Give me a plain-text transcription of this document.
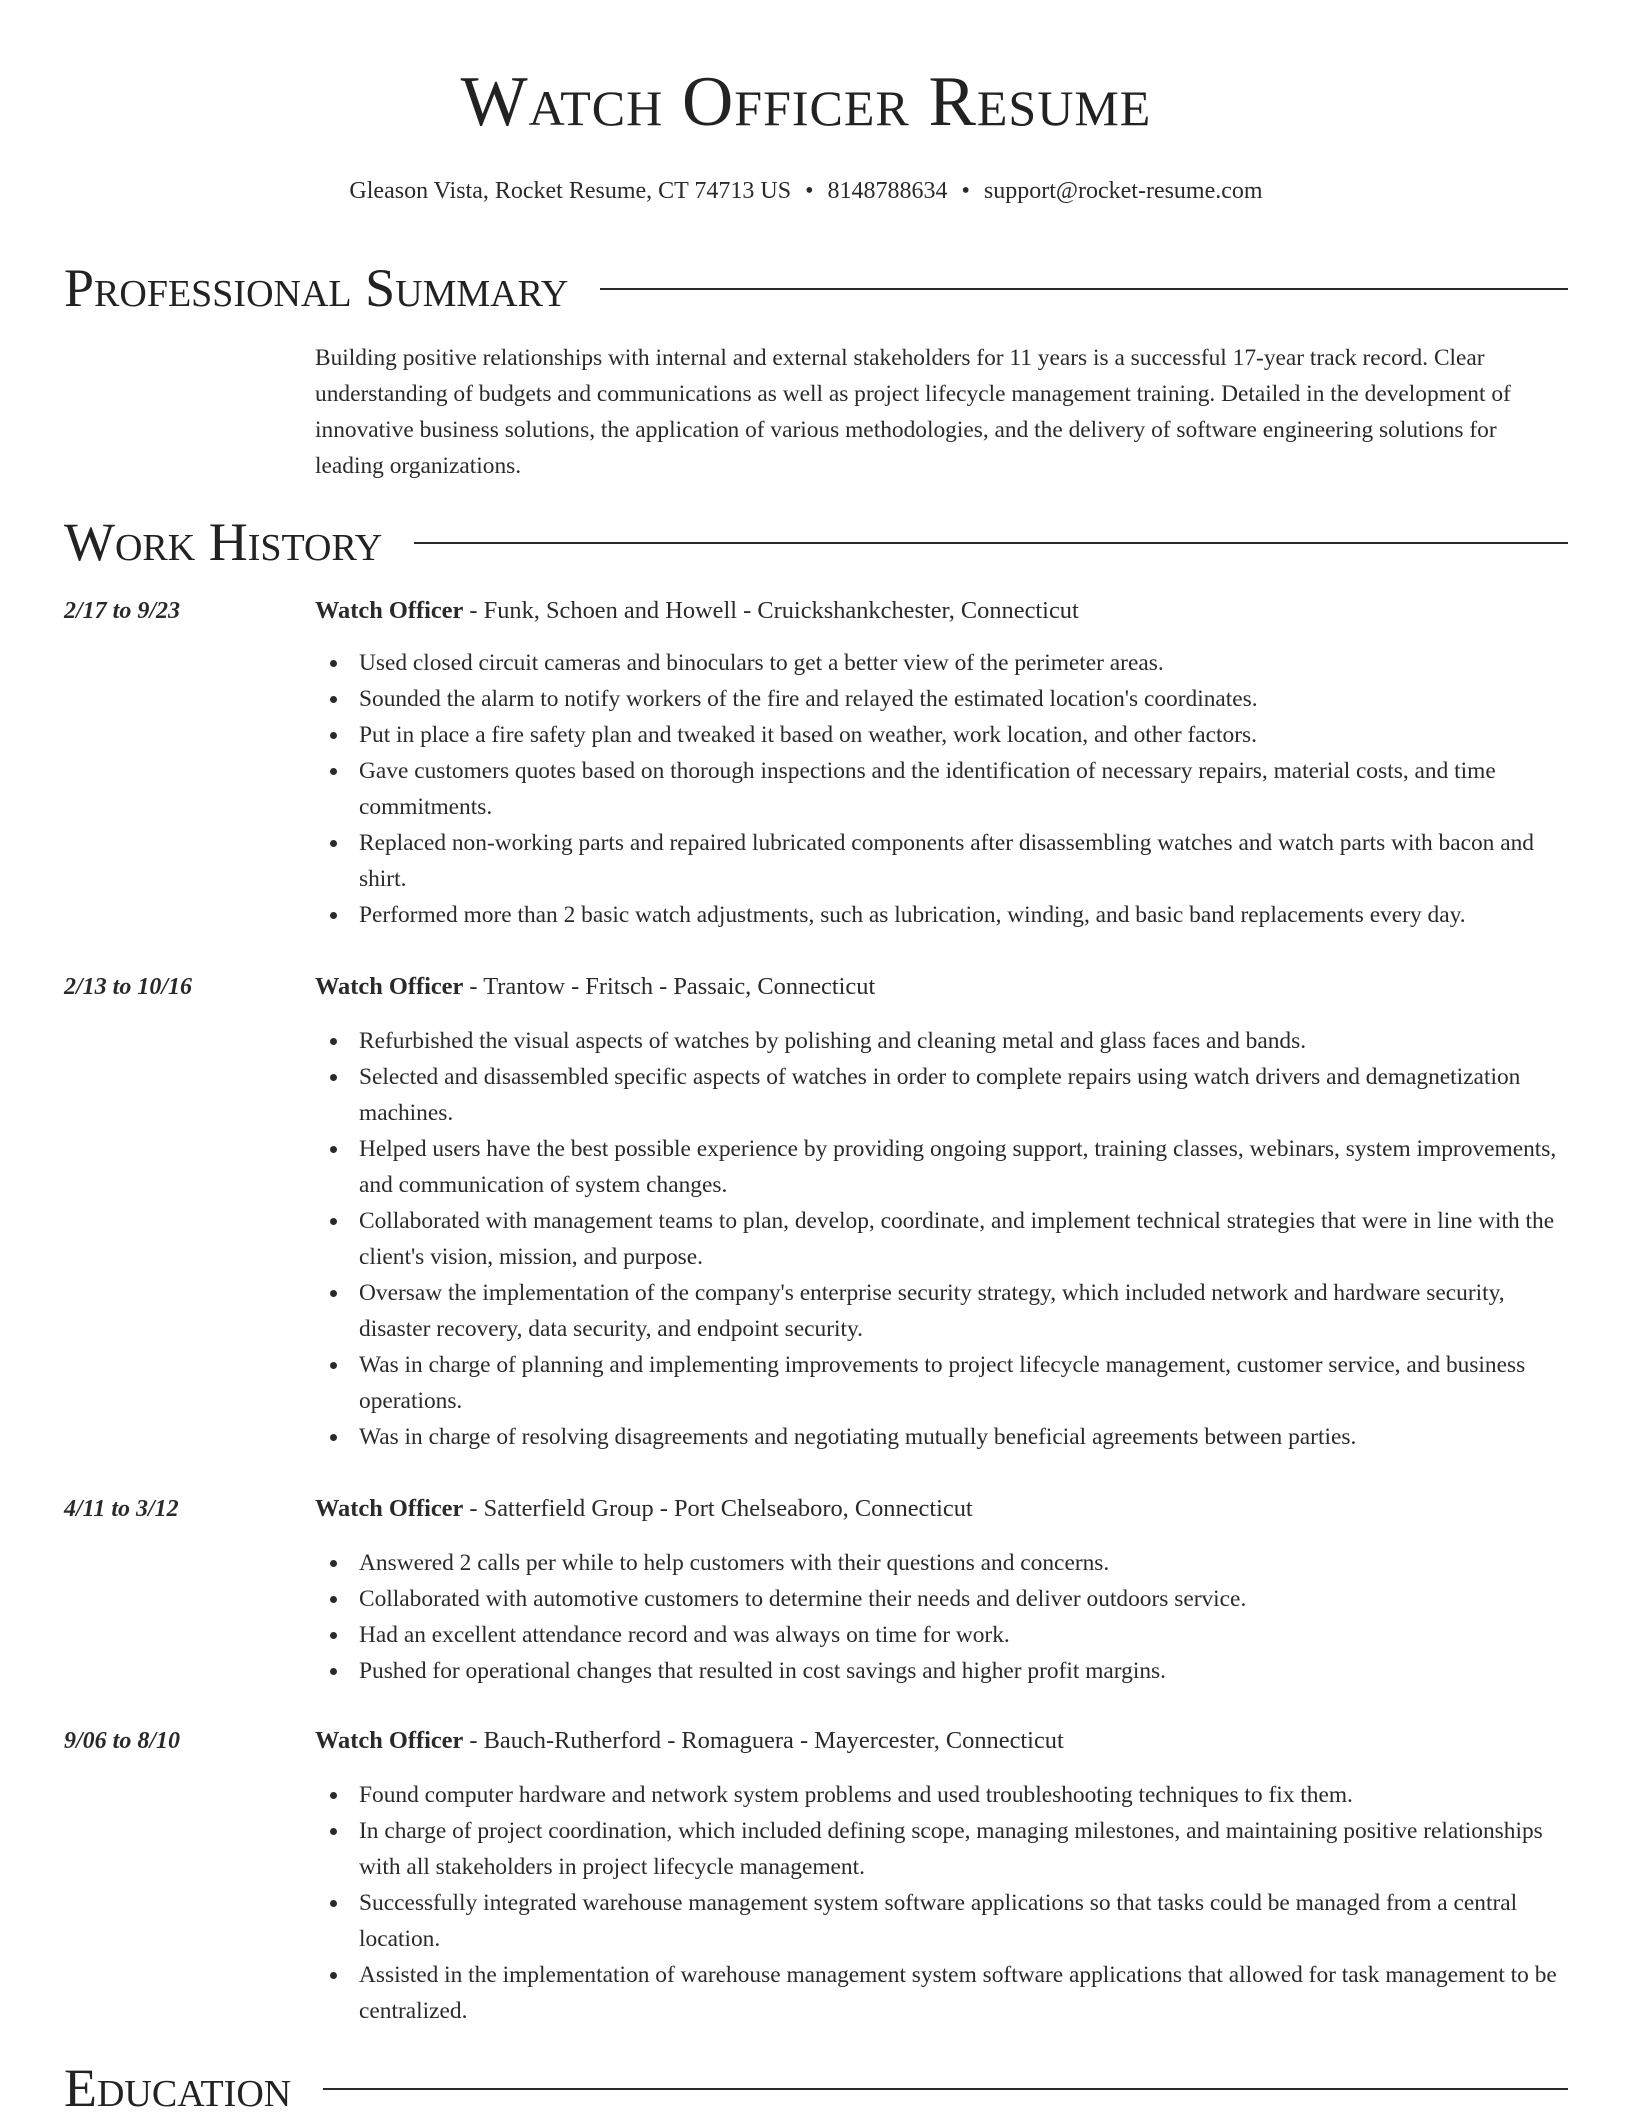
Watch Officer Resume
Gleason Vista, Rocket Resume, CT 74713 US • 8148788634 • support@rocket-resume.com
Professional Summary
Building positive relationships with internal and external stakeholders for 11 years is a successful 17-year track record. Clear understanding of budgets and communications as well as project lifecycle management training. Detailed in the development of innovative business solutions, the application of various methodologies, and the delivery of software engineering solutions for leading organizations.
Work History
2/17 to 9/23	Watch Officer - Funk, Schoen and Howell - Cruickshankchester, Connecticut
Used closed circuit cameras and binoculars to get a better view of the perimeter areas.
Sounded the alarm to notify workers of the fire and relayed the estimated location's coordinates.
Put in place a fire safety plan and tweaked it based on weather, work location, and other factors.
Gave customers quotes based on thorough inspections and the identification of necessary repairs, material costs, and time commitments.
Replaced non-working parts and repaired lubricated components after disassembling watches and watch parts with bacon and shirt.
Performed more than 2 basic watch adjustments, such as lubrication, winding, and basic band replacements every day.
2/13 to 10/16	Watch Officer - Trantow - Fritsch - Passaic, Connecticut
Refurbished the visual aspects of watches by polishing and cleaning metal and glass faces and bands.
Selected and disassembled specific aspects of watches in order to complete repairs using watch drivers and demagnetization machines.
Helped users have the best possible experience by providing ongoing support, training classes, webinars, system improvements, and communication of system changes.
Collaborated with management teams to plan, develop, coordinate, and implement technical strategies that were in line with the client's vision, mission, and purpose.
Oversaw the implementation of the company's enterprise security strategy, which included network and hardware security, disaster recovery, data security, and endpoint security.
Was in charge of planning and implementing improvements to project lifecycle management, customer service, and business operations.
Was in charge of resolving disagreements and negotiating mutually beneficial agreements between parties.
4/11 to 3/12	Watch Officer - Satterfield Group - Port Chelseaboro, Connecticut
Answered 2 calls per while to help customers with their questions and concerns.
Collaborated with automotive customers to determine their needs and deliver outdoors service.
Had an excellent attendance record and was always on time for work.
Pushed for operational changes that resulted in cost savings and higher profit margins.
9/06 to 8/10	Watch Officer - Bauch-Rutherford - Romaguera - Mayercester, Connecticut
Found computer hardware and network system problems and used troubleshooting techniques to fix them.
In charge of project coordination, which included defining scope, managing milestones, and maintaining positive relationships with all stakeholders in project lifecycle management.
Successfully integrated warehouse management system software applications so that tasks could be managed from a central location.
Assisted in the implementation of warehouse management system software applications that allowed for task management to be centralized.
Education
